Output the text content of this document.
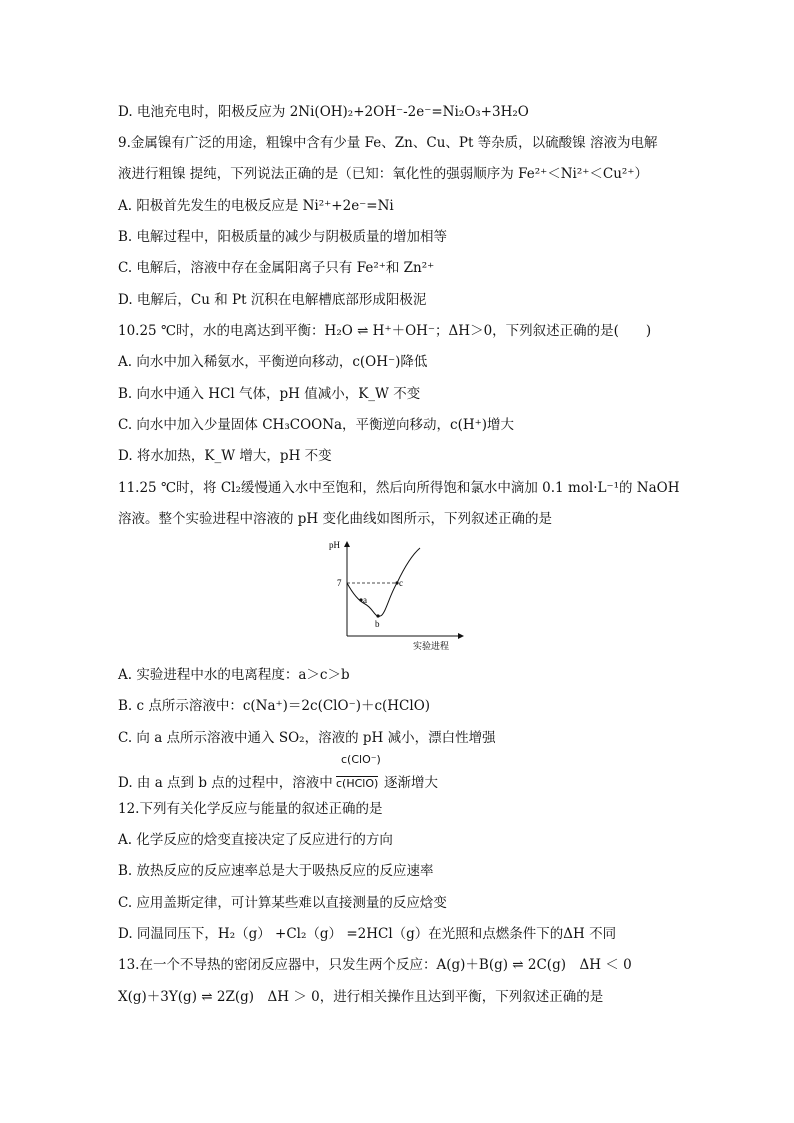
D. 电池充电时，阳极反应为 2Ni(OH)₂+2OH⁻-2e⁻=Ni₂O₃+3H₂O
9.金属镍有广泛的用途，粗镍中含有少量 Fe、Zn、Cu、Pt 等杂质，以硫酸镍 溶液为电解
液进行粗镍 提纯，下列说法正确的是（已知：氧化性的强弱顺序为 Fe²⁺＜Ni²⁺＜Cu²⁺）
A. 阳极首先发生的电极反应是 Ni²⁺+2e⁻=Ni
B. 电解过程中，阳极质量的减少与阴极质量的增加相等
C. 电解后，溶液中存在金属阳离子只有 Fe²⁺和 Zn²⁺
D. 电解后，Cu 和 Pt 沉积在电解槽底部形成阳极泥
10.25 ℃时，水的电离达到平衡：H₂O ⇌ H⁺＋OH⁻；ΔH＞0，下列叙述正确的是(　　)
A. 向水中加入稀氨水，平衡逆向移动，c(OH⁻)降低
B. 向水中通入 HCl 气体，pH 值减小，K_W 不变
C. 向水中加入少量固体 CH₃COONa，平衡逆向移动，c(H⁺)增大
D. 将水加热，K_W 增大，pH 不变
11.25 ℃时，将 Cl₂缓慢通入水中至饱和，然后向所得饱和氯水中滴加 0.1 mol·L⁻¹的 NaOH
溶液。整个实验进程中溶液的 pH 变化曲线如图所示，下列叙述正确的是
pH
实验进程
7
a
b
c
A. 实验进程中水的电离程度：a＞c＞b
B. c 点所示溶液中：c(Na⁺)＝2c(ClO⁻)＋c(HClO)
C. 向 a 点所示溶液中通入 SO₂，溶液的 pH 减小，漂白性增强
c(ClO⁻)
D. 由 a 点到 b 点的过程中，溶液中 c(HClO) 逐渐增大
12.下列有关化学反应与能量的叙述正确的是
A. 化学反应的焓变直接决定了反应进行的方向
B. 放热反应的反应速率总是大于吸热反应的反应速率
C. 应用盖斯定律，可计算某些难以直接测量的反应焓变
D. 同温同压下，H₂（g） +Cl₂（g） =2HCl（g）在光照和点燃条件下的ΔH 不同
13.在一个不导热的密闭反应器中，只发生两个反应：A(g)＋B(g) ⇌ 2C(g)　ΔH ＜ 0
X(g)＋3Y(g) ⇌ 2Z(g)　ΔH ＞ 0，进行相关操作且达到平衡，下列叙述正确的是
